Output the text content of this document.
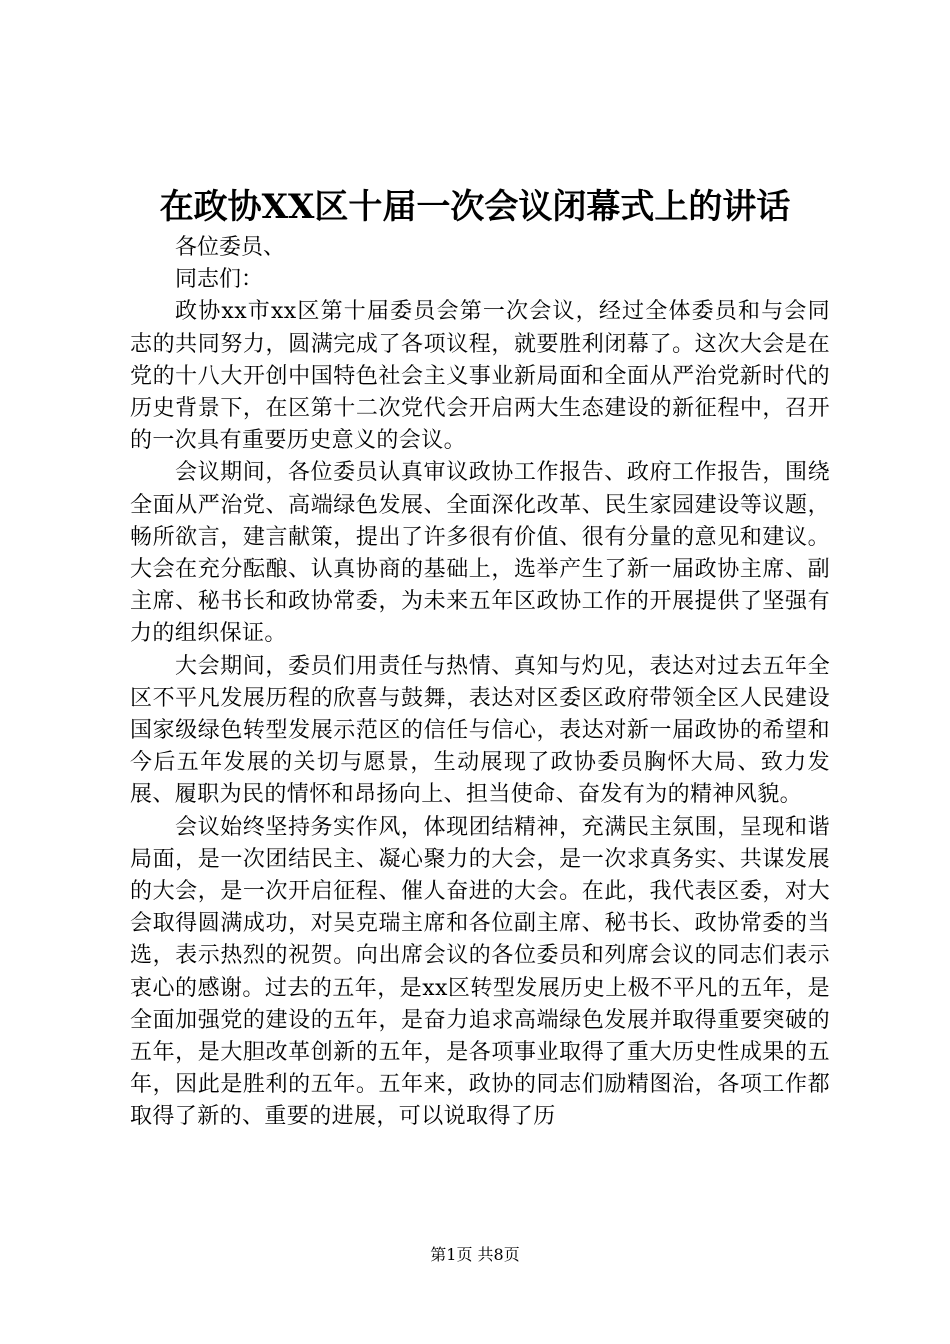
在政协XX区十届一次会议闭幕式上的讲话

各位委员、

同志们：

政协xx市xx区第十届委员会第一次会议，经过全体委员和与会同志的共同努力，圆满完成了各项议程，就要胜利闭幕了。这次大会是在党的十八大开创中国特色社会主义事业新局面和全面从严治党新时代的历史背景下，在区第十二次党代会开启两大生态建设的新征程中，召开的一次具有重要历史意义的会议。

会议期间，各位委员认真审议政协工作报告、政府工作报告，围绕全面从严治党、高端绿色发展、全面深化改革、民生家园建设等议题，畅所欲言，建言献策，提出了许多很有价值、很有分量的意见和建议。大会在充分酝酿、认真协商的基础上，选举产生了新一届政协主席、副主席、秘书长和政协常委，为未来五年区政协工作的开展提供了坚强有力的组织保证。

大会期间，委员们用责任与热情、真知与灼见，表达对过去五年全区不平凡发展历程的欣喜与鼓舞，表达对区委区政府带领全区人民建设国家级绿色转型发展示范区的信任与信心，表达对新一届政协的希望和今后五年发展的关切与愿景，生动展现了政协委员胸怀大局、致力发展、履职为民的情怀和昂扬向上、担当使命、奋发有为的精神风貌。

会议始终坚持务实作风，体现团结精神，充满民主氛围，呈现和谐局面，是一次团结民主、凝心聚力的大会，是一次求真务实、共谋发展的大会，是一次开启征程、催人奋进的大会。在此，我代表区委，对大会取得圆满成功，对吴克瑞主席和各位副主席、秘书长、政协常委的当选，表示热烈的祝贺。向出席会议的各位委员和列席会议的同志们表示衷心的感谢。过去的五年，是xx区转型发展历史上极不平凡的五年，是全面加强党的建设的五年，是奋力追求高端绿色发展并取得重要突破的五年，是大胆改革创新的五年，是各项事业取得了重大历史性成果的五年，因此是胜利的五年。五年来，政协的同志们励精图治，各项工作都取得了新的、重要的进展，可以说取得了历

第1页 共8页
